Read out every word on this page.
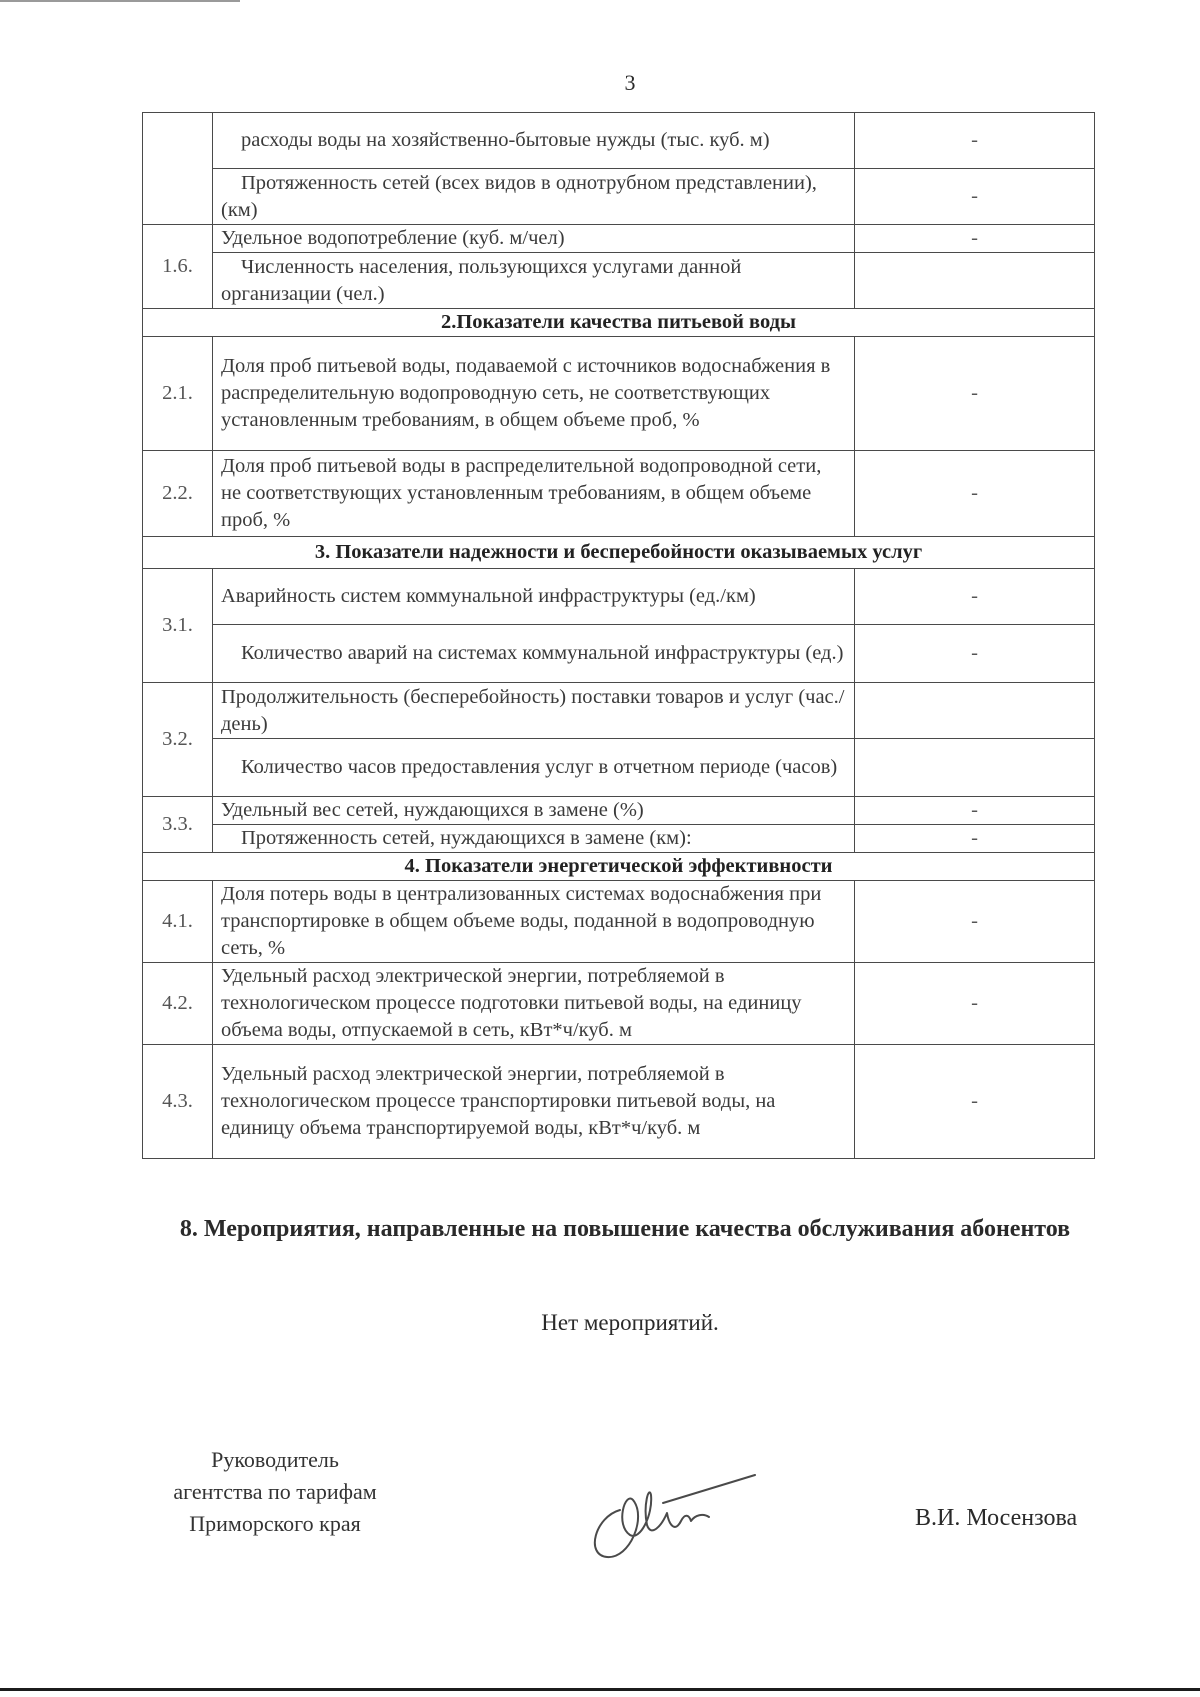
3
	расходы воды на хозяйственно-бытовые нужды (тыс. куб. м)	-
	Протяженность сетей (всех видов в однотрубном представлении), (км)	-
1.6.	Удельное водопотребление (куб. м/чел)	-
	Численность населения, пользующихся услугами данной организации (чел.)	
2.Показатели качества питьевой воды		
2.1.	Доля проб питьевой воды, подаваемой с источников водоснабжения в распределительную водопроводную сеть, не соответствующих установленным требованиям, в общем объеме проб, %	-
2.2.	Доля проб питьевой воды в распределительной водопроводной сети, не соответствующих установленным требованиям, в общем объеме проб, %	-
3. Показатели надежности и бесперебойности оказываемых услуг		
3.1.	Аварийность систем коммунальной инфраструктуры (ед./км)	-
	Количество аварий на системах коммунальной инфраструктуры (ед.)	-
3.2.	Продолжительность (бесперебойность) поставки товаров и услуг (час./день)	
	Количество часов предоставления услуг в отчетном периоде (часов)	
3.3.	Удельный вес сетей, нуждающихся в замене (%)	-
	Протяженность сетей, нуждающихся в замене (км):	-
4. Показатели энергетической эффективности		
4.1.	Доля потерь воды в централизованных системах водоснабжения при транспортировке в общем объеме воды, поданной в водопроводную сеть, %	-
4.2.	Удельный расход электрической энергии, потребляемой в технологическом процессе подготовки питьевой воды, на единицу объема воды, отпускаемой в сеть, кВт*ч/куб. м	-
4.3.	Удельный расход электрической энергии, потребляемой в технологическом процессе транспортировки питьевой воды, на единицу объема транспортируемой воды, кВт*ч/куб. м	-
8. Мероприятия, направленные на повышение качества обслуживания абонентов
Нет мероприятий.
Руководитель
агентства по тарифам
Приморского края	В.И. Мосензова
